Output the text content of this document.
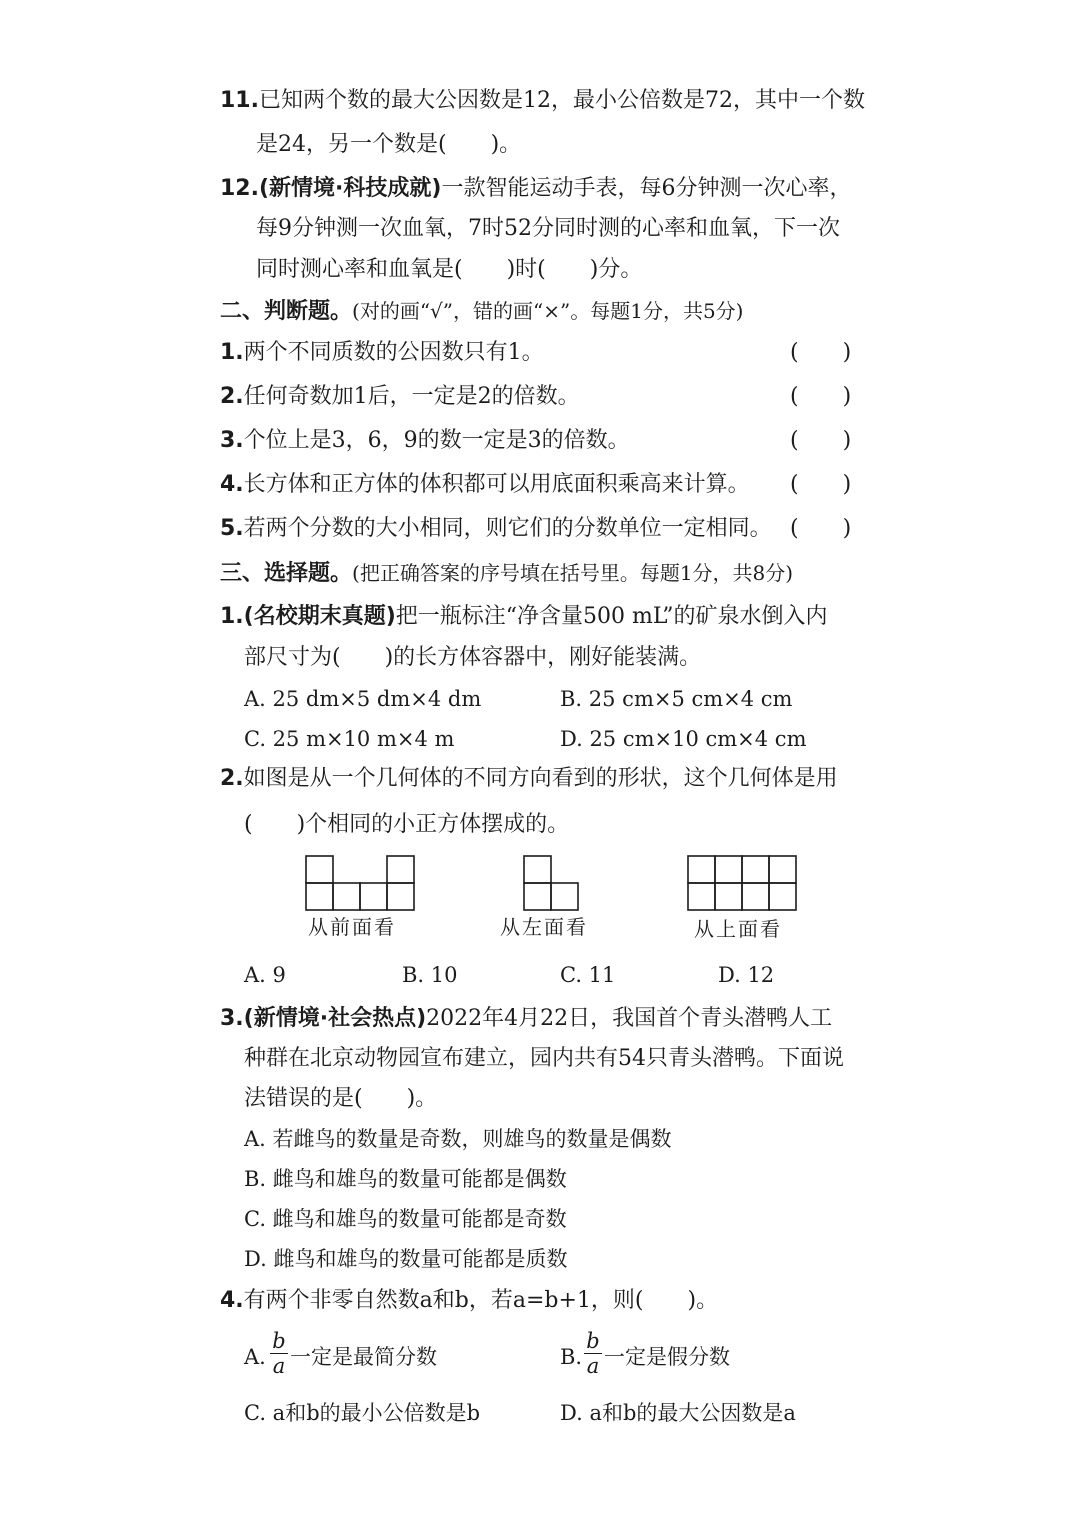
11.已知两个数的最大公因数是12，最小公倍数是72，其中一个数
是24，另一个数是(　　)。
12.(新情境·科技成就)一款智能运动手表，每6分钟测一次心率，
每9分钟测一次血氧，7时52分同时测的心率和血氧，下一次
同时测心率和血氧是(　　)时(　　)分。
二、判断题。(对的画“√”，错的画“×”。每题1分，共5分)
1.两个不同质数的公因数只有1。	(　　)
2.任何奇数加1后，一定是2的倍数。	(　　)
3.个位上是3，6，9的数一定是3的倍数。	(　　)
4.长方体和正方体的体积都可以用底面积乘高来计算。 (　　)
5.若两个分数的大小相同，则它们的分数单位一定相同。 (　　)
三、选择题。(把正确答案的序号填在括号里。每题1分，共8分)
1.(名校期末真题)把一瓶标注“净含量500 mL”的矿泉水倒入内
部尺寸为(　　)的长方体容器中，刚好能装满。
A. 25 dm×5 dm×4 dm	B. 25 cm×5 cm×4 cm
C. 25 m×10 m×4 m	D. 25 cm×10 cm×4 cm
2.如图是从一个几何体的不同方向看到的形状，这个几何体是用
(　　)个相同的小正方体摆成的。
从前面看	从左面看	从上面看
A. 9	B. 10	C. 11	D. 12
3.(新情境·社会热点)2022年4月22日，我国首个青头潜鸭人工
种群在北京动物园宣布建立，园内共有54只青头潜鸭。下面说
法错误的是(　　)。
A. 若雌鸟的数量是奇数，则雄鸟的数量是偶数
B. 雌鸟和雄鸟的数量可能都是偶数
C. 雌鸟和雄鸟的数量可能都是奇数
D. 雌鸟和雄鸟的数量可能都是质数
4.有两个非零自然数a和b，若a=b+1，则(　　)。
A.
b
a 一定是最简分数	B.
b
a 一定是假分数
C. a和b的最小公倍数是b	D. a和b的最大公因数是a
